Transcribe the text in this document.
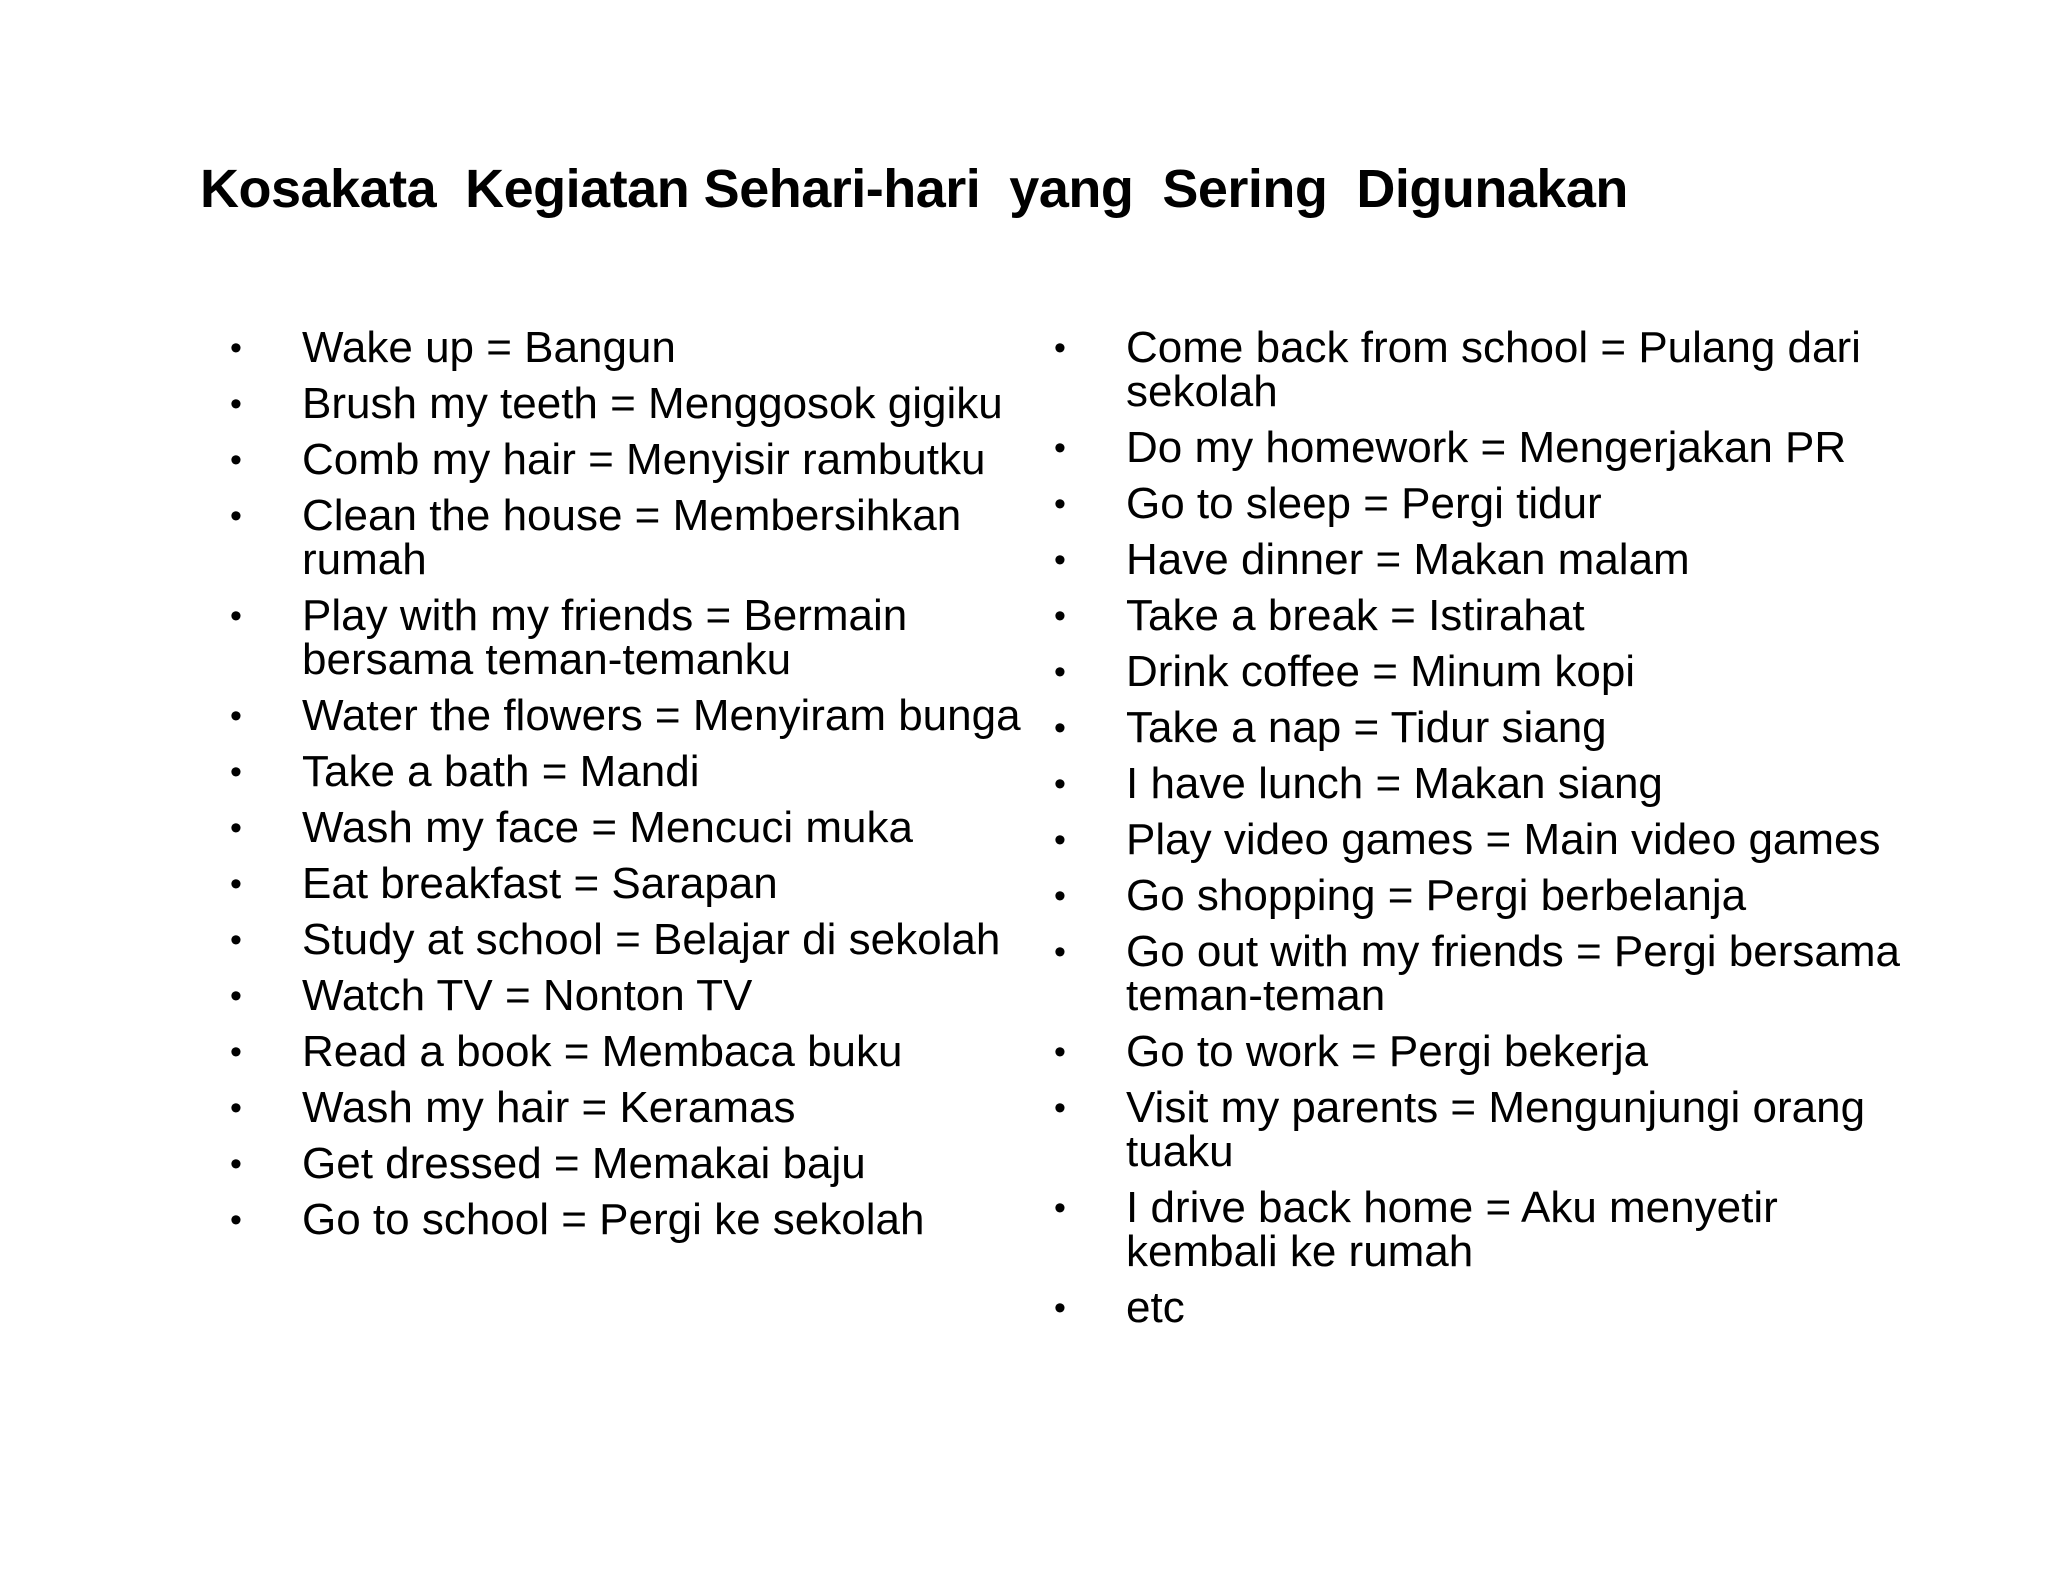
Kosakata  Kegiatan Sehari-hari  yang  Sering  Digunakan
•	Wake up = Bangun
•	Brush my teeth = Menggosok gigiku
•	Comb my hair = Menyisir rambutku
•	Clean the house = Membersihkan rumah
•	Play with my friends = Bermain bersama teman-temanku
•	Water the flowers = Menyiram bunga
•	Take a bath = Mandi
•	Wash my face = Mencuci muka
•	Eat breakfast = Sarapan
•	Study at school = Belajar di sekolah
•	Watch TV = Nonton TV
•	Read a book = Membaca buku
•	Wash my hair = Keramas
•	Get dressed = Memakai baju
•	Go to school = Pergi ke sekolah
•	Come back from school = Pulang dari sekolah
•	Do my homework = Mengerjakan PR
•	Go to sleep = Pergi tidur
•	Have dinner = Makan malam
•	Take a break = Istirahat
•	Drink coffee = Minum kopi
•	Take a nap = Tidur siang
•	I have lunch = Makan siang
•	Play video games = Main video games
•	Go shopping = Pergi berbelanja
•	Go out with my friends = Pergi bersama teman-teman
•	Go to work = Pergi bekerja
•	Visit my parents = Mengunjungi orang tuaku
•	I drive back home = Aku menyetir kembali ke rumah
•	etc
